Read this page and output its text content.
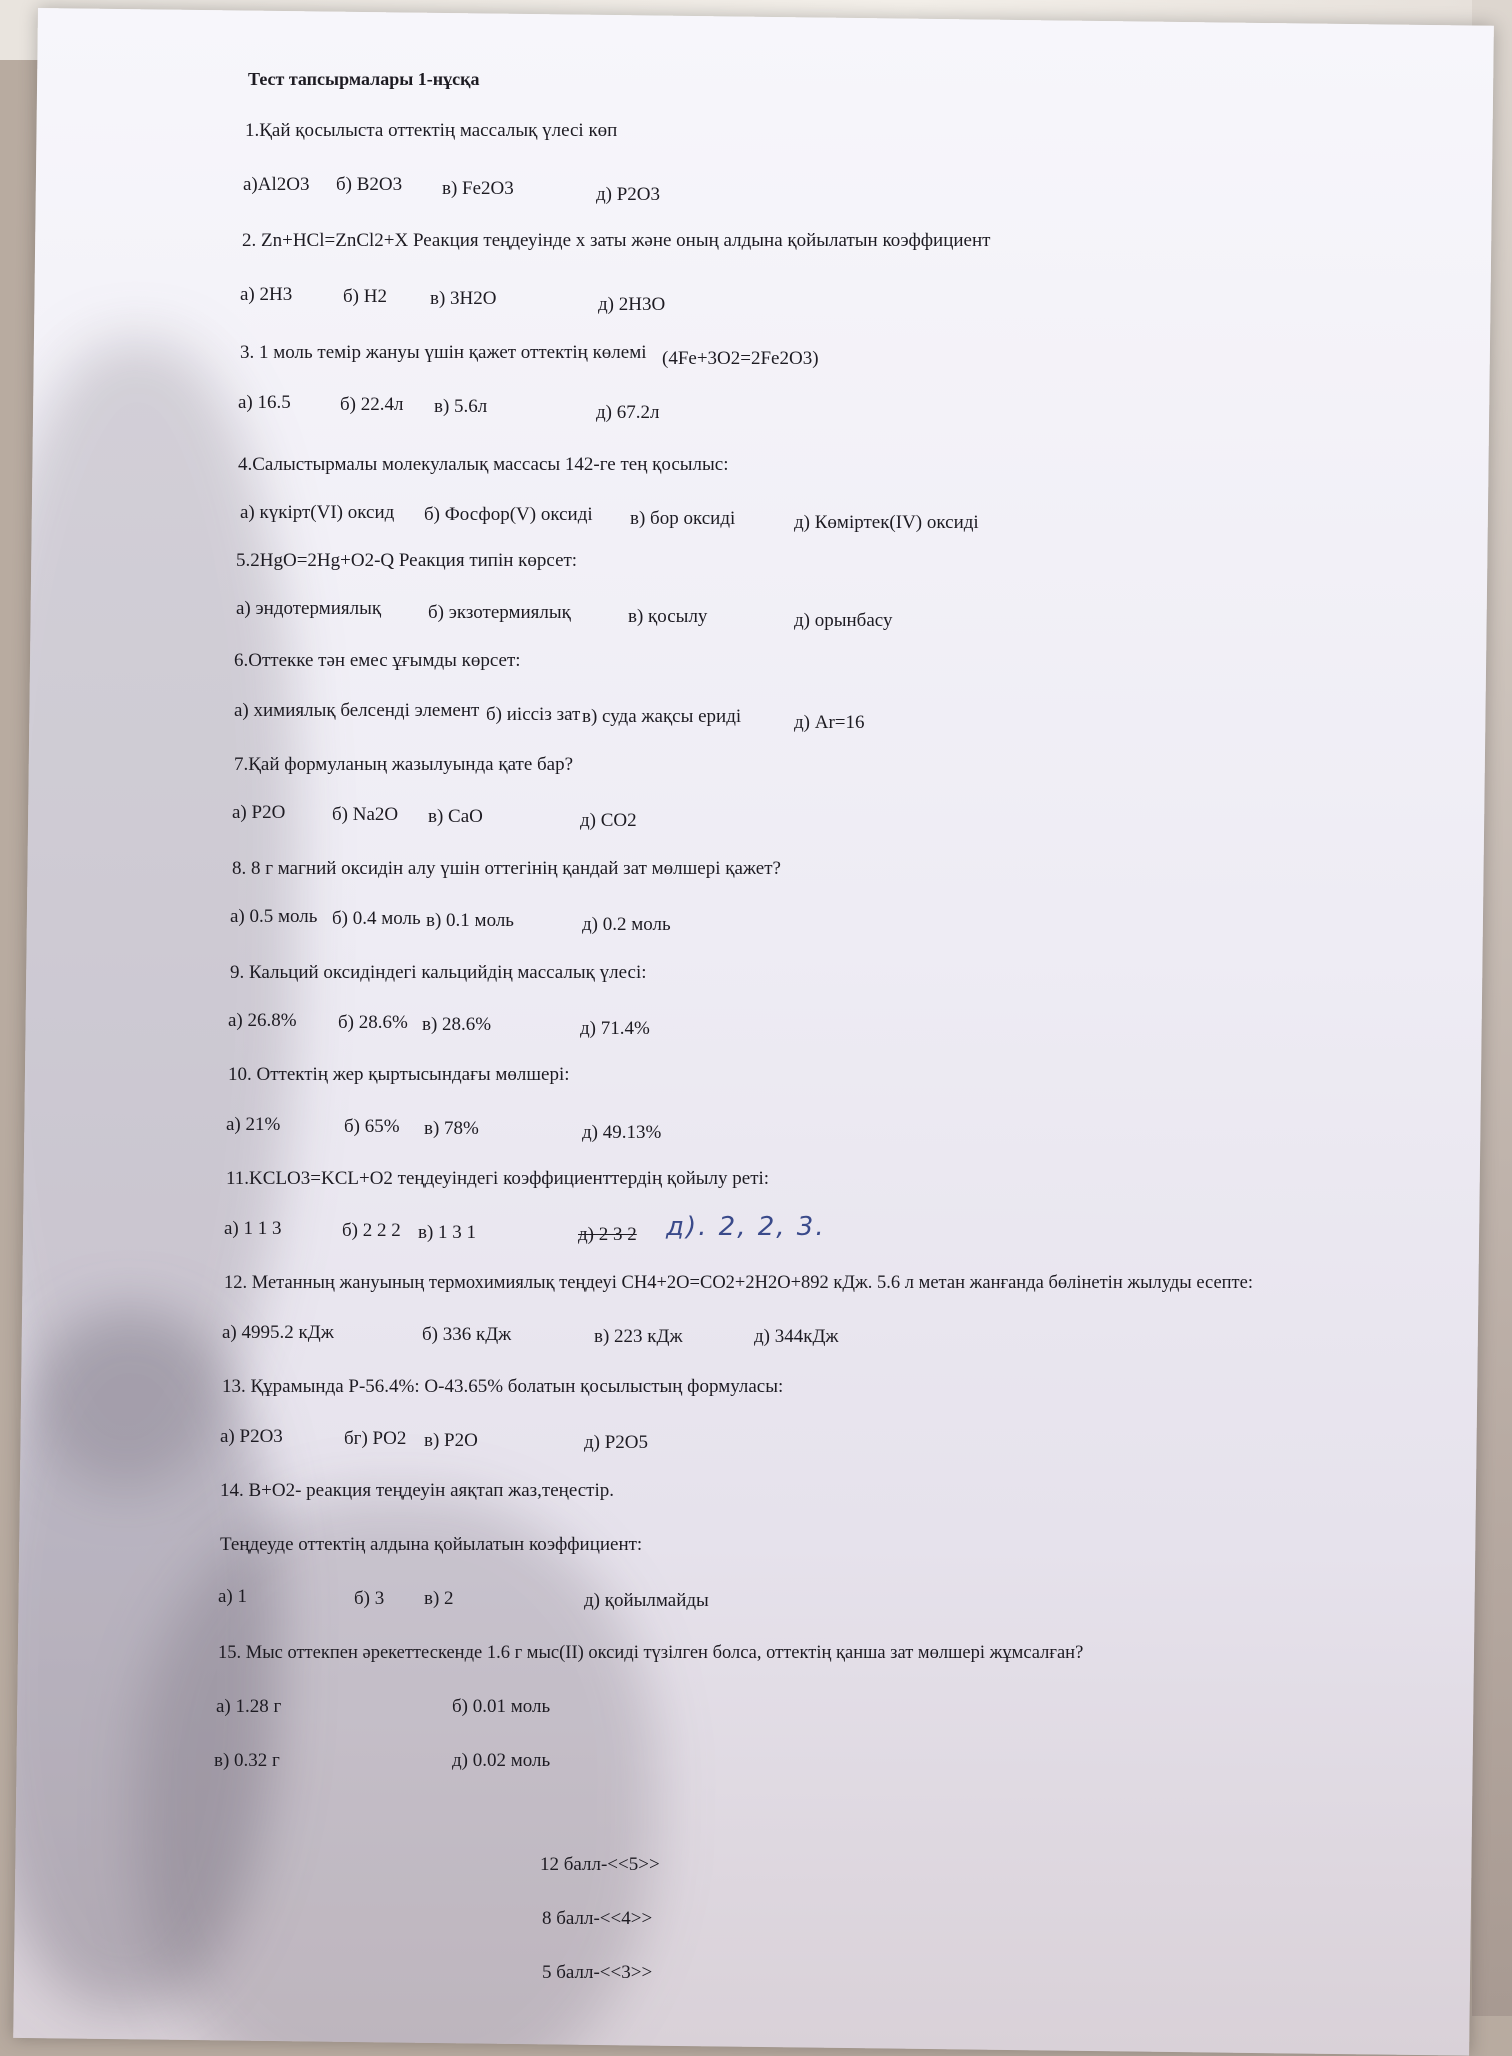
Тест тапсырмалары 1-нұсқа
1.Қай қосылыста оттектің массалық үлесі көп
а)Al2O3 б) B2O3 в) Fe2O3	д) P2O3
2. Zn+HCl=ZnCl2+X Реакция теңдеуінде х заты және оның алдына қойылатын коэффициент
а) 2H3	б) H2 в) 3H2O	д) 2H3O
3. 1 моль темір жануы үшін қажет оттектің көлемі (4Fe+3O2=2Fe2O3)
а) 16.5	б) 22.4л в) 5.6л	д) 67.2л
4.Салыстырмалы молекулалық массасы 142-ге тең қосылыс:
а) күкірт(VI) оксид б) Фосфор(V) оксиді в) бор оксиді	д) Көміртек(IV) оксиді
5.2HgO=2Hg+O2-Q Реакция типін көрсет:
а) эндотермиялық б) экзотермиялық	в) қосылу	д) орынбасу
6.Оттекке тән емес ұғымды көрсет:
а) химиялық белсенді элемент б) иіссіз зат в) суда жақсы ериді	д) Ar=16
7.Қай формуланың жазылуында қате бар?
а) P2O б) Na2O в) CaO	д) CO2
8. 8 г магний оксидін алу үшін оттегінің қандай зат мөлшері қажет?
а) 0.5 моль б) 0.4 моль в) 0.1 моль	д) 0.2 моль
9. Кальций оксидіндегі кальцийдің массалық үлесі:
а) 26.8% б) 28.6% в) 28.6%	д) 71.4%
10. Оттектің жер қыртысындағы мөлшері:
а) 21%	б) 65% в) 78%	д) 49.13%
11.KCLO3=KCL+O2 теңдеуіндегі коэффициенттердің қойылу реті:
а) 1 1 3	б) 2 2 2 в) 1 3 1	д) 2 3 2 д). 2, 2, 3.
12. Метанның жануының термохимиялық теңдеуі CH4+2O=CO2+2H2O+892 кДж. 5.6 л метан жанғанда бөлінетін жылуды есепте:
а) 4995.2 кДж	б) 336 кДж	в) 223 кДж	д) 344кДж
13. Құрамында P-56.4%: O-43.65% болатын қосылыстың формуласы:
а) P2O3	бг) PO2 в) P2O	д) P2O5
14. B+O2- реакция теңдеуін аяқтап жаз,теңестір.
Теңдеуде оттектің алдына қойылатын коэффициент:
а) 1	б) 3 в) 2	д) қойылмайды
15. Мыс оттекпен әрекеттескенде 1.6 г мыс(II) оксиді түзілген болса, оттектің қанша зат мөлшері жұмсалған?
а) 1.28 г	б) 0.01 моль
в) 0.32 г	д) 0.02 моль
12 балл-<<5>>
8 балл-<<4>>
5 балл-<<3>>
